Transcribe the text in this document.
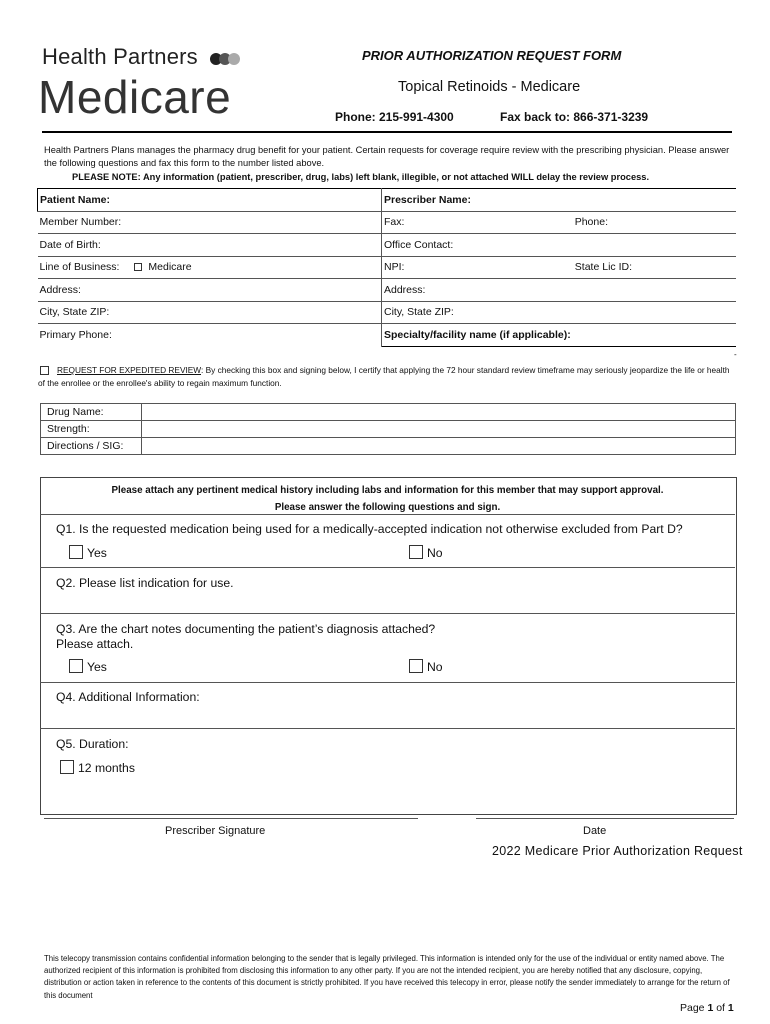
Health Partners
Medicare
PRIOR AUTHORIZATION REQUEST FORM
Topical Retinoids - Medicare
Phone: 215-991-4300	Fax back to: 866-371-3239
Health Partners Plans manages the pharmacy drug benefit for your patient. Certain requests for coverage require review with the prescribing physician. Please answer the following questions and fax this form to the number listed above.
PLEASE NOTE: Any information (patient, prescriber, drug, labs) left blank, illegible, or not attached WILL delay the review process.
Patient Name:	Prescriber Name:
Member Number:	Fax: Phone:

Date of Birth:	Office Contact:
Line of Business: Medicare	NPI: State Lic ID:

Address:	Address:
City, State ZIP:	City, State ZIP:
Primary Phone:	Specialty/facility name (if applicable):
-
REQUEST FOR EXPEDITED REVIEW: By checking this box and signing below, I certify that applying the 72 hour standard review timeframe may seriously jeopardize the life or health of the enrollee or the enrollee's ability to regain maximum function.
Drug Name:	
Strength:	
Directions / SIG:	
Please attach any pertinent medical history including labs and information for this member that may support approval.
Please answer the following questions and sign.
Q1. Is the requested medication being used for a medically-accepted indication not otherwise excluded from Part D?
Yes	No
Q2. Please list indication for use.
Q3. Are the chart notes documenting the patient’s diagnosis attached?
Please attach.
Yes	No
Q4. Additional Information:
Q5. Duration:
12 months
Prescriber Signature	Date
2022 Medicare Prior Authorization Request
This telecopy transmission contains confidential information belonging to the sender that is legally privileged. This information is intended only for the use of the individual or entity named above. The authorized recipient of this information is prohibited from disclosing this information to any other party. If you are not the intended recipient, you are hereby notified that any disclosure, copying, distribution or action taken in reference to the contents of this document is strictly prohibited. If you have received this telecopy in error, please notify the sender immediately to arrange for the return of this document
Page 1 of 1
